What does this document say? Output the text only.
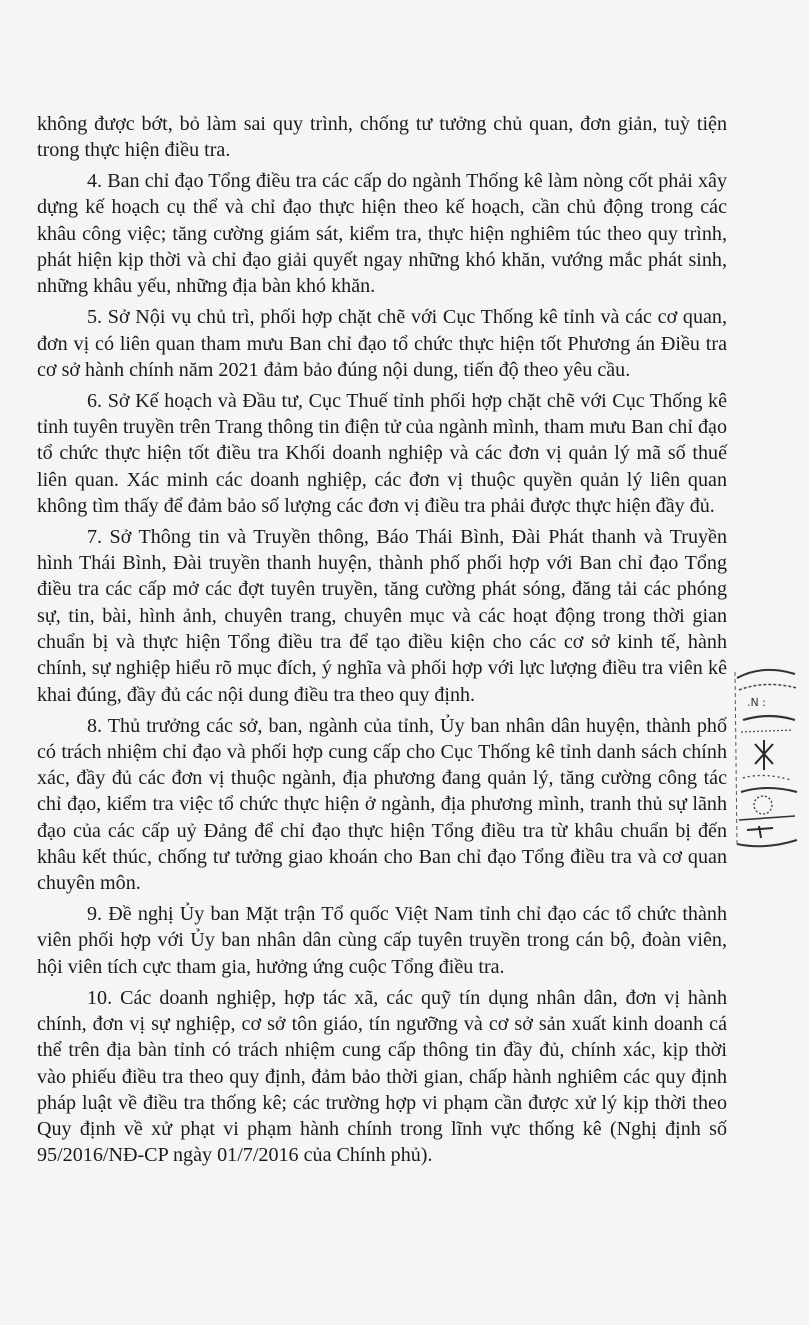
không được bớt, bỏ làm sai quy trình, chống tư tưởng chủ quan, đơn giản, tuỳ tiện trong thực hiện điều tra.

4. Ban chỉ đạo Tổng điều tra các cấp do ngành Thống kê làm nòng cốt phải xây dựng kế hoạch cụ thể và chỉ đạo thực hiện theo kế hoạch, cần chủ động trong các khâu công việc; tăng cường giám sát, kiểm tra, thực hiện nghiêm túc theo quy trình, phát hiện kịp thời và chỉ đạo giải quyết ngay những khó khăn, vướng mắc phát sinh, những khâu yếu, những địa bàn khó khăn.

5. Sở Nội vụ chủ trì, phối hợp chặt chẽ với Cục Thống kê tỉnh và các cơ quan, đơn vị có liên quan tham mưu Ban chỉ đạo tổ chức thực hiện tốt Phương án Điều tra cơ sở hành chính năm 2021 đảm bảo đúng nội dung, tiến độ theo yêu cầu.

6. Sở Kế hoạch và Đầu tư, Cục Thuế tỉnh phối hợp chặt chẽ với Cục Thống kê tỉnh tuyên truyền trên Trang thông tin điện tử của ngành mình, tham mưu Ban chỉ đạo tổ chức thực hiện tốt điều tra Khối doanh nghiệp và các đơn vị quản lý mã số thuế liên quan. Xác minh các doanh nghiệp, các đơn vị thuộc quyền quản lý liên quan không tìm thấy để đảm bảo số lượng các đơn vị điều tra phải được thực hiện đầy đủ.

7. Sở Thông tin và Truyền thông, Báo Thái Bình, Đài Phát thanh và Truyền hình Thái Bình, Đài truyền thanh huyện, thành phố phối hợp với Ban chỉ đạo Tổng điều tra các cấp mở các đợt tuyên truyền, tăng cường phát sóng, đăng tải các phóng sự, tin, bài, hình ảnh, chuyên trang, chuyên mục và các hoạt động trong thời gian chuẩn bị và thực hiện Tổng điều tra để tạo điều kiện cho các cơ sở kinh tế, hành chính, sự nghiệp hiểu rõ mục đích, ý nghĩa và phối hợp với lực lượng điều tra viên kê khai đúng, đầy đủ các nội dung điều tra theo quy định.

8. Thủ trưởng các sở, ban, ngành của tỉnh, Ủy ban nhân dân huyện, thành phố có trách nhiệm chỉ đạo và phối hợp cung cấp cho Cục Thống kê tỉnh danh sách chính xác, đầy đủ các đơn vị thuộc ngành, địa phương đang quản lý, tăng cường công tác chỉ đạo, kiểm tra việc tổ chức thực hiện ở ngành, địa phương mình, tranh thủ sự lãnh đạo của các cấp uỷ Đảng để chỉ đạo thực hiện Tổng điều tra từ khâu chuẩn bị đến khâu kết thúc, chống tư tưởng giao khoán cho Ban chỉ đạo Tổng điều tra và cơ quan chuyên môn.

9. Đề nghị Ủy ban Mặt trận Tổ quốc Việt Nam tỉnh chỉ đạo các tổ chức thành viên phối hợp với Ủy ban nhân dân cùng cấp tuyên truyền trong cán bộ, đoàn viên, hội viên tích cực tham gia, hưởng ứng cuộc Tổng điều tra.

10. Các doanh nghiệp, hợp tác xã, các quỹ tín dụng nhân dân, đơn vị hành chính, đơn vị sự nghiệp, cơ sở tôn giáo, tín ngưỡng và cơ sở sản xuất kinh doanh cá thể trên địa bàn tỉnh có trách nhiệm cung cấp thông tin đầy đủ, chính xác, kịp thời vào phiếu điều tra theo quy định, đảm bảo thời gian, chấp hành nghiêm các quy định pháp luật về điều tra thống kê; các trường hợp vi phạm cần được xử lý kịp thời theo Quy định về xử phạt vi phạm hành chính trong lĩnh vực thống kê (Nghị định số 95/2016/NĐ-CP ngày 01/7/2016 của Chính phủ).

.N :
